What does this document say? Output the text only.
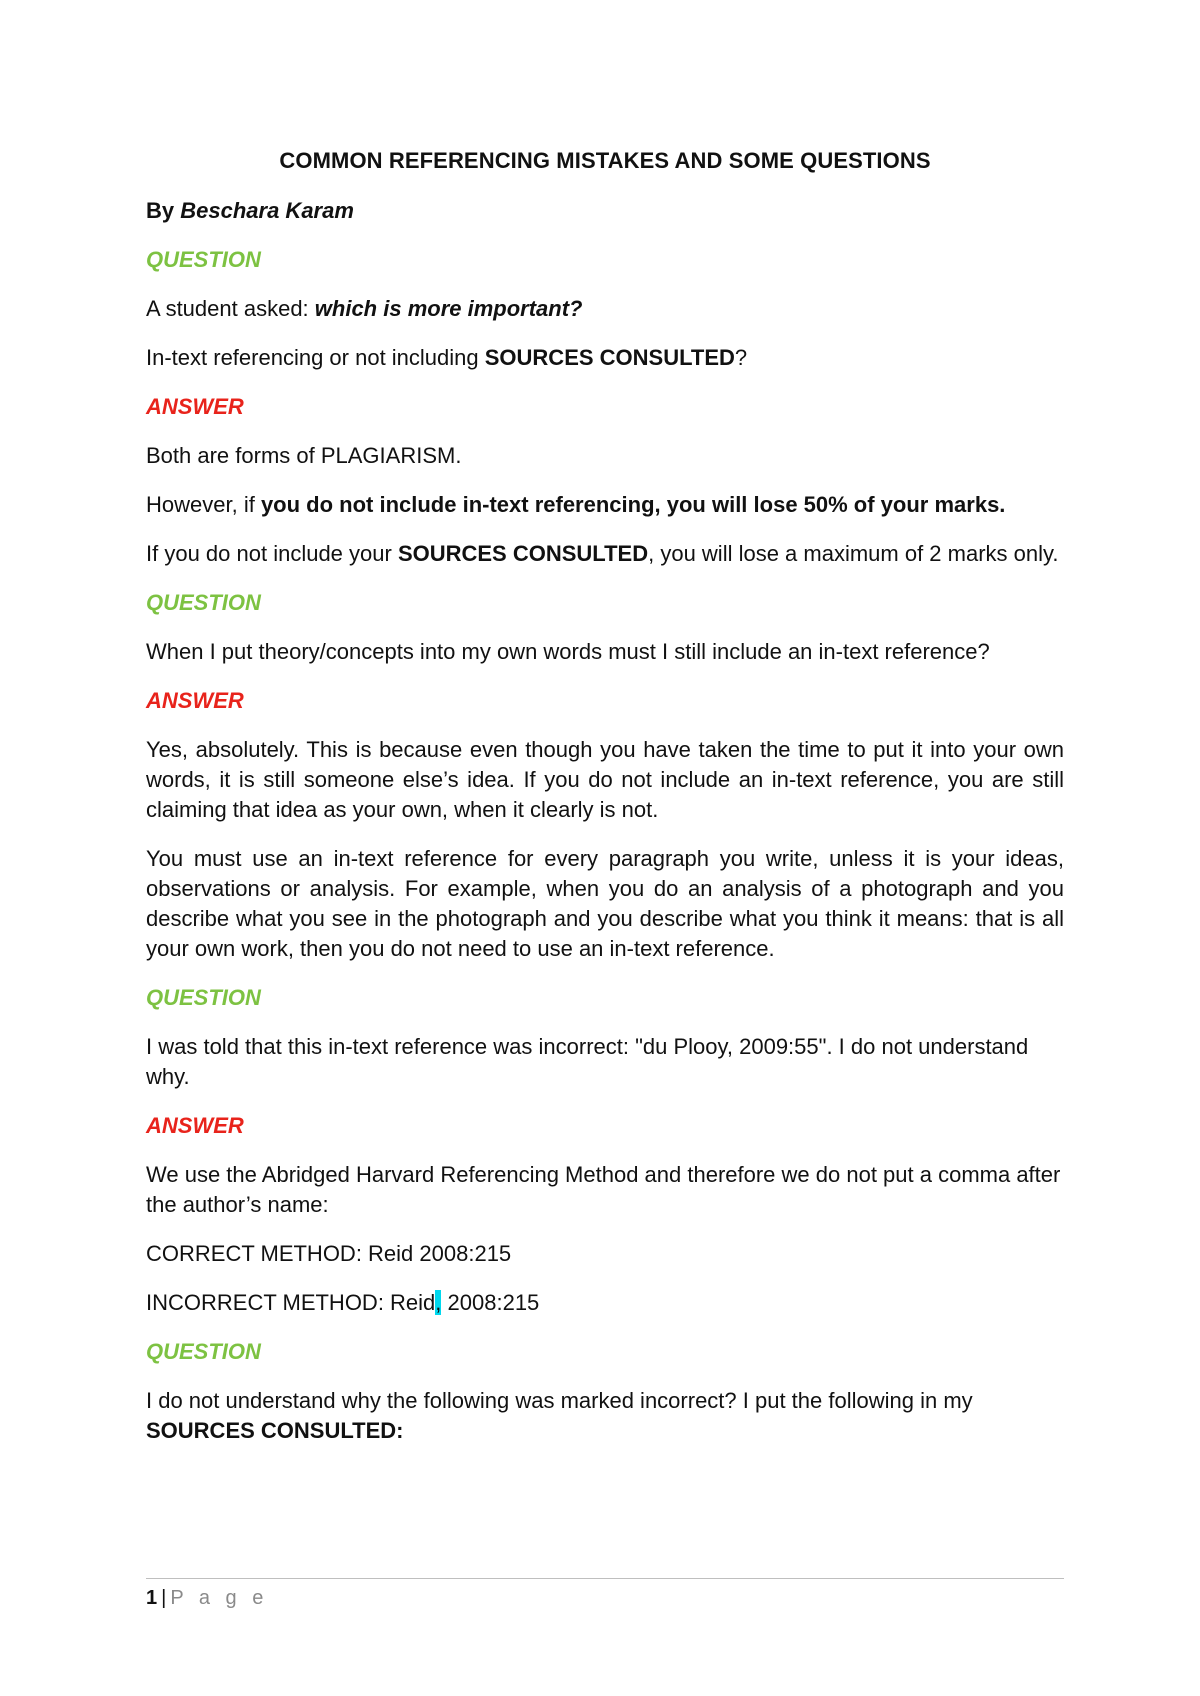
COMMON REFERENCING MISTAKES AND SOME QUESTIONS

By Beschara Karam

QUESTION

A student asked: which is more important?

In-text referencing or not including SOURCES CONSULTED?

ANSWER

Both are forms of PLAGIARISM.

However, if you do not include in-text referencing, you will lose 50% of your marks.

If you do not include your SOURCES CONSULTED, you will lose a maximum of 2 marks only.

QUESTION

When I put theory/concepts into my own words must I still include an in-text reference?

ANSWER

Yes, absolutely. This is because even though you have taken the time to put it into your own words, it is still someone else’s idea. If you do not include an in-text reference, you are still claiming that idea as your own, when it clearly is not.

You must use an in-text reference for every paragraph you write, unless it is your ideas, observations or analysis. For example, when you do an analysis of a photograph and you describe what you see in the photograph and you describe what you think it means: that is all your own work, then you do not need to use an in-text reference.

QUESTION

I was told that this in-text reference was incorrect: "du Plooy, 2009:55". I do not understand why.

ANSWER

We use the Abridged Harvard Referencing Method and therefore we do not put a comma after the author’s name:

CORRECT METHOD: Reid 2008:215

INCORRECT METHOD: Reid, 2008:215

QUESTION

I do not understand why the following was marked incorrect? I put the following in my SOURCES CONSULTED:

1 | P a g e
